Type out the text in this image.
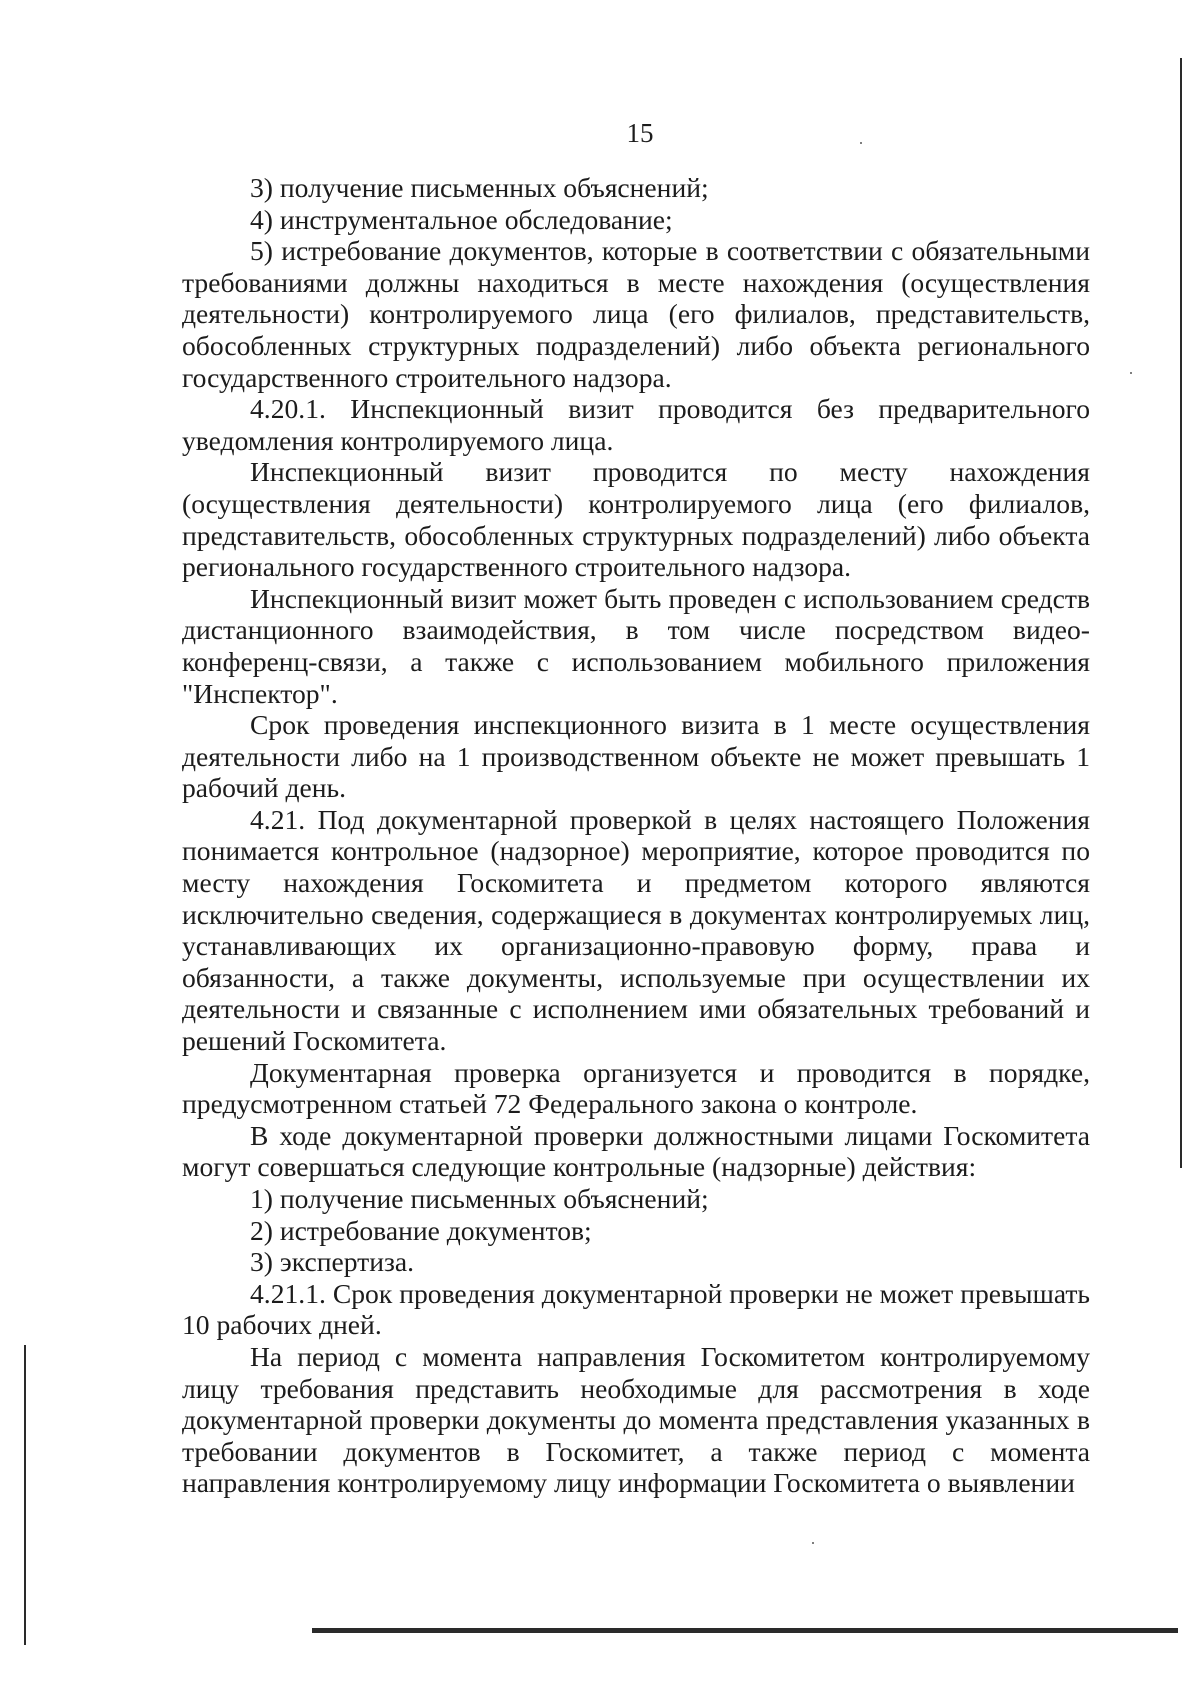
15

3) получение письменных объяснений;

4) инструментальное обследование;

5) истребование документов, которые в соответствии с обязательными требованиями должны находиться в месте нахождения (осуществления деятельности) контролируемого лица (его филиалов, представительств, обособленных структурных подразделений) либо объекта регионального государственного строительного надзора.

4.20.1. Инспекционный визит проводится без предварительного уведомления контролируемого лица.

Инспекционный визит проводится по месту нахождения (осуществления деятельности) контролируемого лица (его филиалов, представительств, обособленных структурных подразделений) либо объекта регионального государственного строительного надзора.

Инспекционный визит может быть проведен с использованием средств дистанционного взаимодействия, в том числе посредством видео-конференц-связи, а также с использованием мобильного приложения "Инспектор".

Срок проведения инспекционного визита в 1 месте осуществления деятельности либо на 1 производственном объекте не может превышать 1 рабочий день.

4.21. Под документарной проверкой в целях настоящего Положения понимается контрольное (надзорное) мероприятие, которое проводится по месту нахождения Госкомитета и предметом которого являются исключительно сведения, содержащиеся в документах контролируемых лиц, устанавливающих их организационно-правовую форму, права и обязанности, а также документы, используемые при осуществлении их деятельности и связанные с исполнением ими обязательных требований и решений Госкомитета.

Документарная проверка организуется и проводится в порядке, предусмотренном статьей 72 Федерального закона о контроле.

В ходе документарной проверки должностными лицами Госкомитета могут совершаться следующие контрольные (надзорные) действия:

1) получение письменных объяснений;

2) истребование документов;

3) экспертиза.

4.21.1. Срок проведения документарной проверки не может превышать 10 рабочих дней.

На период с момента направления Госкомитетом контролируемому лицу требования представить необходимые для рассмотрения в ходе документарной проверки документы до момента представления указанных в требовании документов в Госкомитет, а также период с момента направления контролируемому лицу информации Госкомитета о выявлении
